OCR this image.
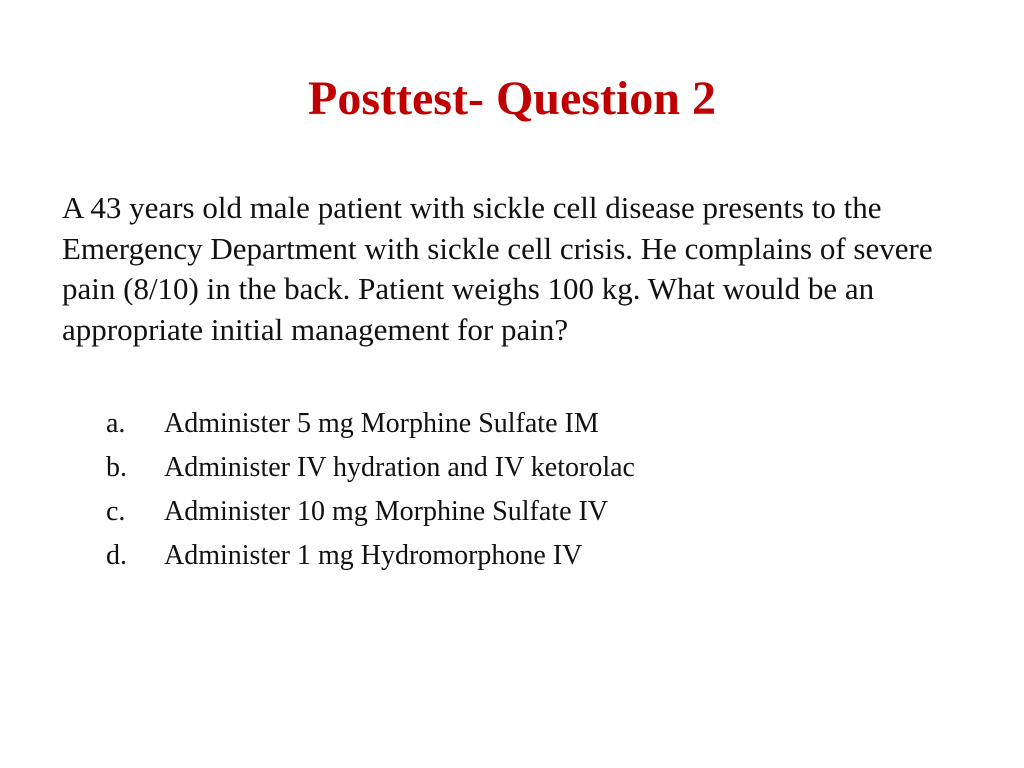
Posttest- Question 2

A 43 years old male patient with sickle cell disease presents to the Emergency Department with sickle cell crisis. He complains of severe pain (8/10) in the back. Patient weighs 100 kg. What would be an appropriate initial management for pain?

a.	Administer 5 mg Morphine Sulfate IM
b.	Administer IV hydration and IV ketorolac
c.	Administer 10 mg Morphine Sulfate IV
d.	Administer 1 mg Hydromorphone IV
